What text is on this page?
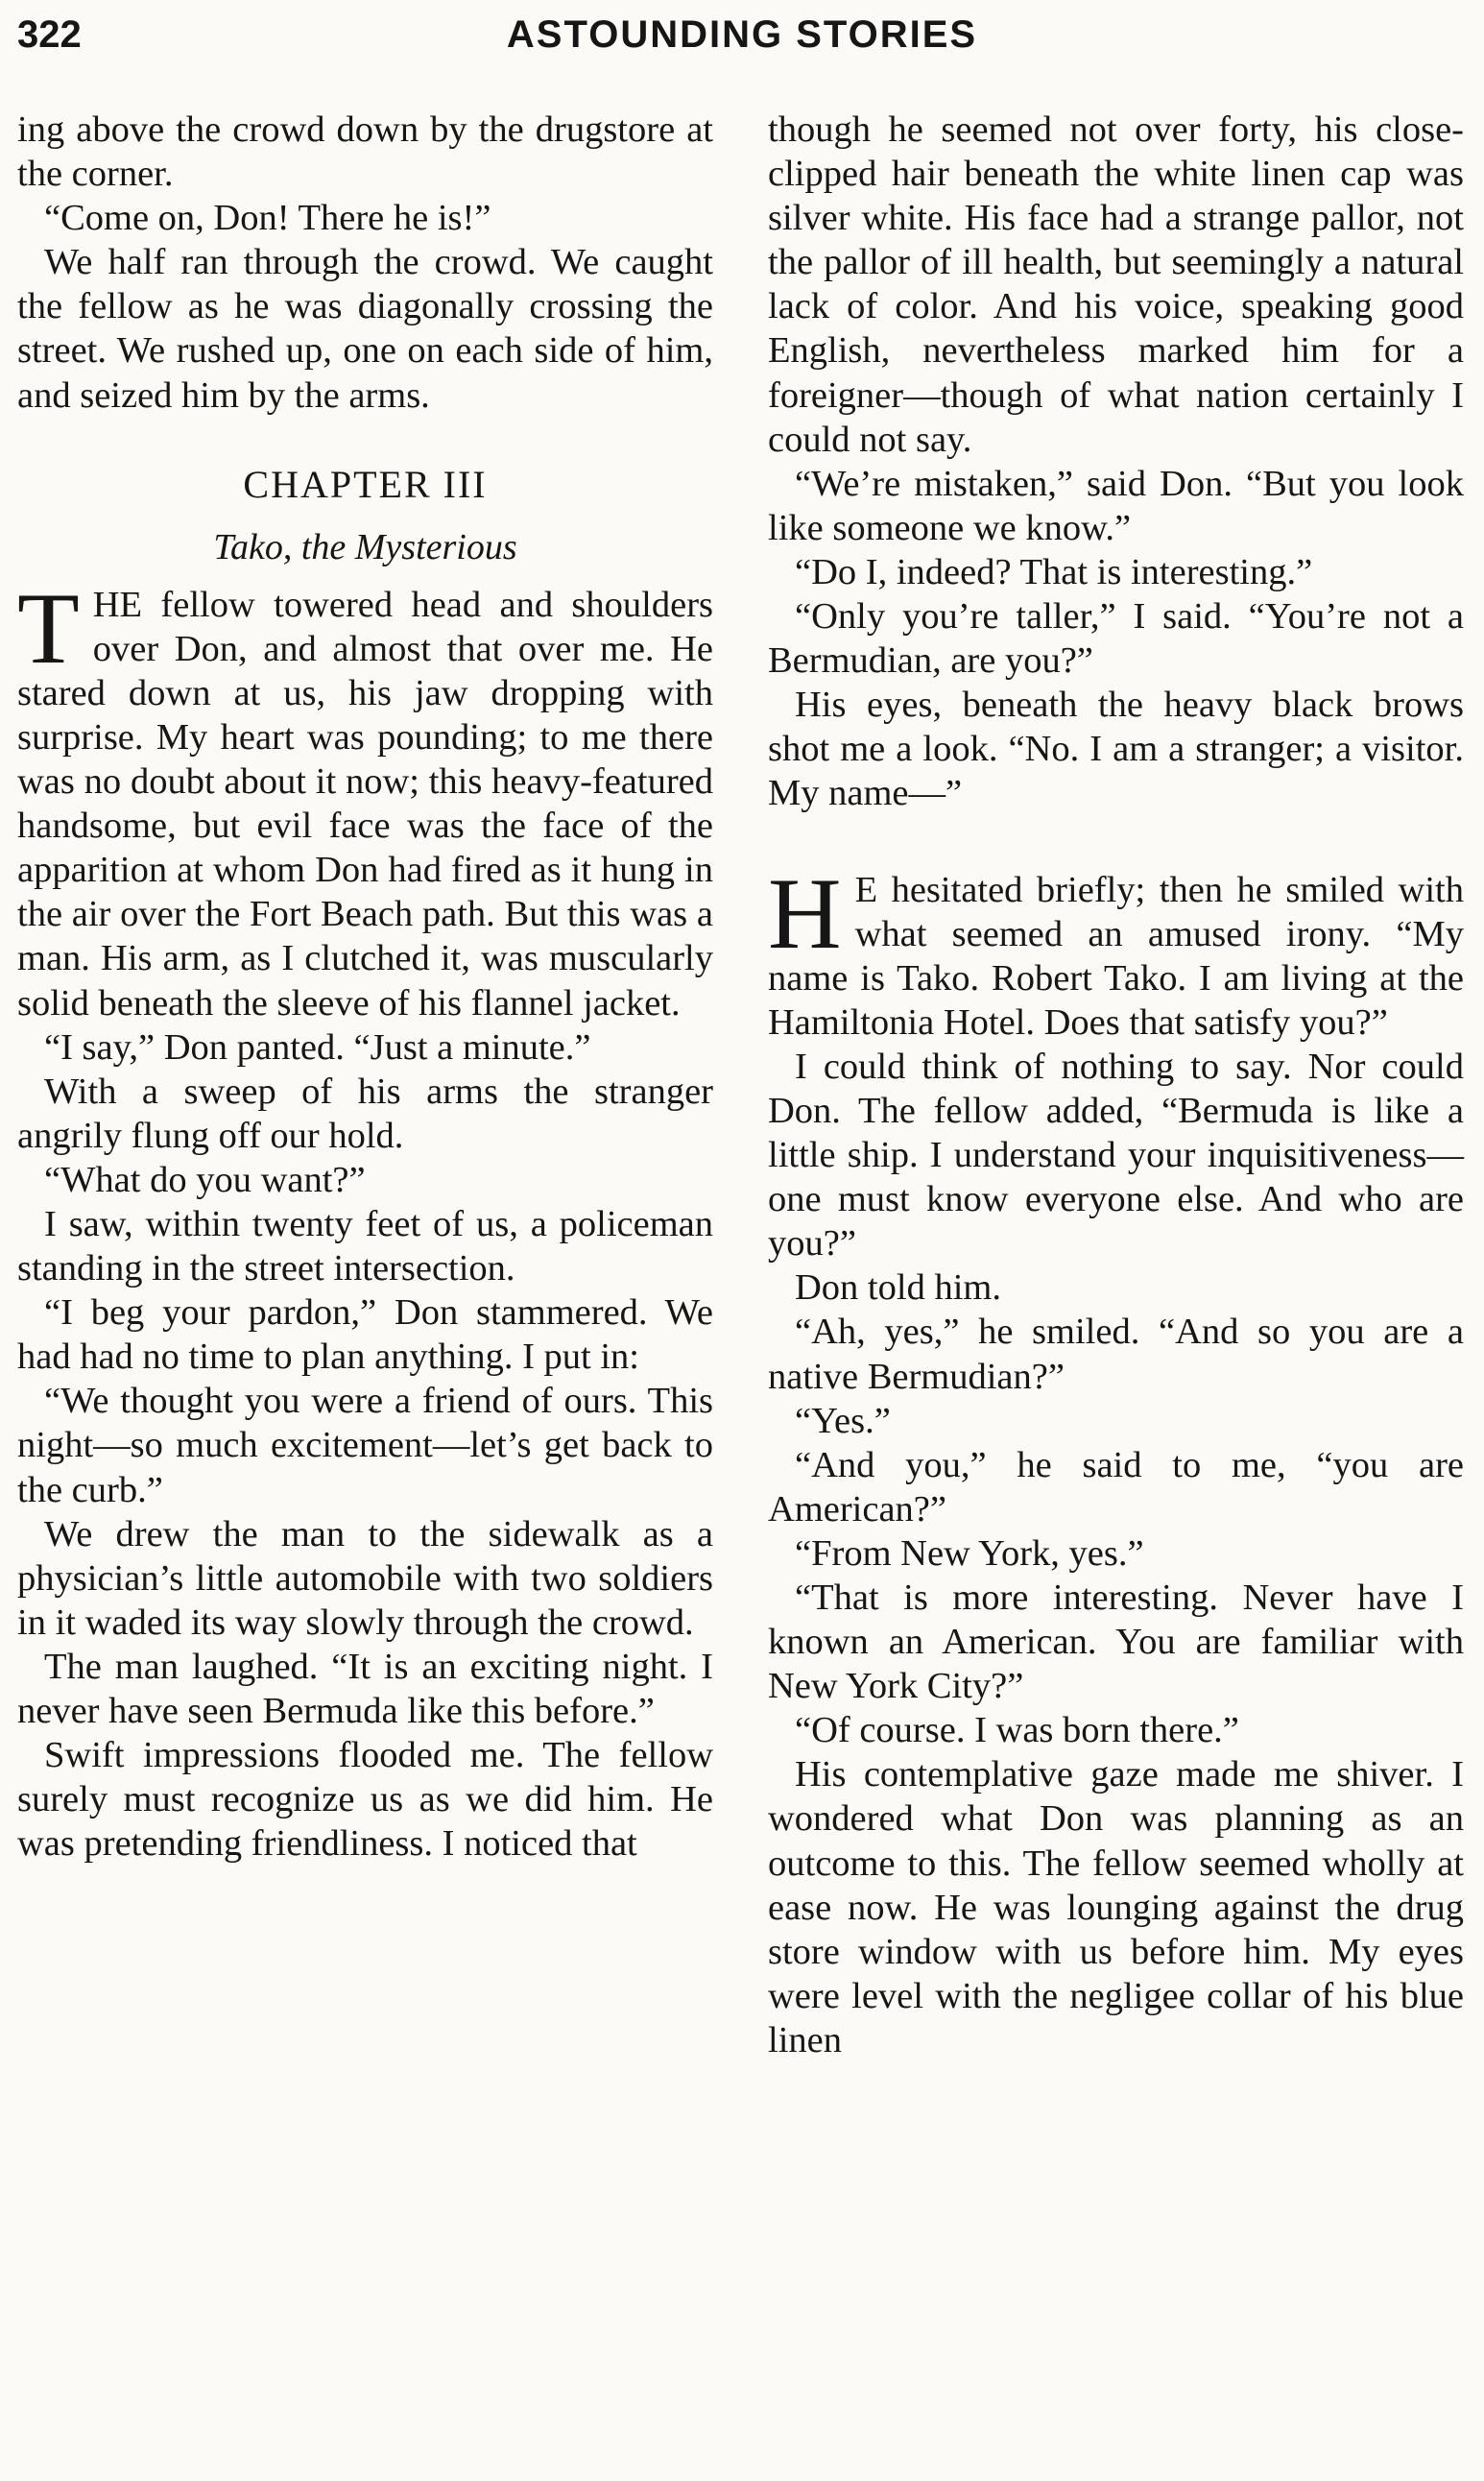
322	ASTOUNDING STORIES

ing above the crowd down by the drugstore at the corner.

“Come on, Don! There he is!”

We half ran through the crowd. We caught the fellow as he was diagonally crossing the street. We rushed up, one on each side of him, and seized him by the arms.

CHAPTER III
Tako, the Mysterious

THE fellow towered head and shoulders over Don, and almost that over me. He stared down at us, his jaw dropping with surprise. My heart was pounding; to me there was no doubt about it now; this heavy-featured handsome, but evil face was the face of the apparition at whom Don had fired as it hung in the air over the Fort Beach path. But this was a man. His arm, as I clutched it, was muscularly solid beneath the sleeve of his flannel jacket.

“I say,” Don panted. “Just a minute.”

With a sweep of his arms the stranger angrily flung off our hold.

“What do you want?”

I saw, within twenty feet of us, a policeman standing in the street intersection.

“I beg your pardon,” Don stammered. We had had no time to plan anything. I put in:

“We thought you were a friend of ours. This night—so much excitement—let’s get back to the curb.”

We drew the man to the sidewalk as a physician’s little automobile with two soldiers in it waded its way slowly through the crowd.

The man laughed. “It is an exciting night. I never have seen Bermuda like this before.”

Swift impressions flooded me. The fellow surely must recognize us as we did him. He was pretending friendliness. I noticed that

though he seemed not over forty, his close-clipped hair beneath the white linen cap was silver white. His face had a strange pallor, not the pallor of ill health, but seemingly a natural lack of color. And his voice, speaking good English, nevertheless marked him for a foreigner—though of what nation certainly I could not say.

“We’re mistaken,” said Don. “But you look like someone we know.”

“Do I, indeed? That is interesting.”

“Only you’re taller,” I said. “You’re not a Bermudian, are you?”

His eyes, beneath the heavy black brows shot me a look. “No. I am a stranger; a visitor. My name—”

H E hesitated briefly; then he smiled with what seemed an amused irony. “My name is Tako. Robert Tako. I am living at the Hamiltonia Hotel. Does that satisfy you?”

I could think of nothing to say. Nor could Don. The fellow added, “Bermuda is like a little ship. I understand your inquisitiveness—one must know everyone else. And who are you?”

Don told him.

“Ah, yes,” he smiled. “And so you are a native Bermudian?”

“Yes.”

“And you,” he said to me, “you are American?”

“From New York, yes.”

“That is more interesting. Never have I known an American. You are familiar with New York City?”

“Of course. I was born there.”

His contemplative gaze made me shiver. I wondered what Don was planning as an outcome to this. The fellow seemed wholly at ease now. He was lounging against the drug store window with us before him. My eyes were level with the negligee collar of his blue linen
